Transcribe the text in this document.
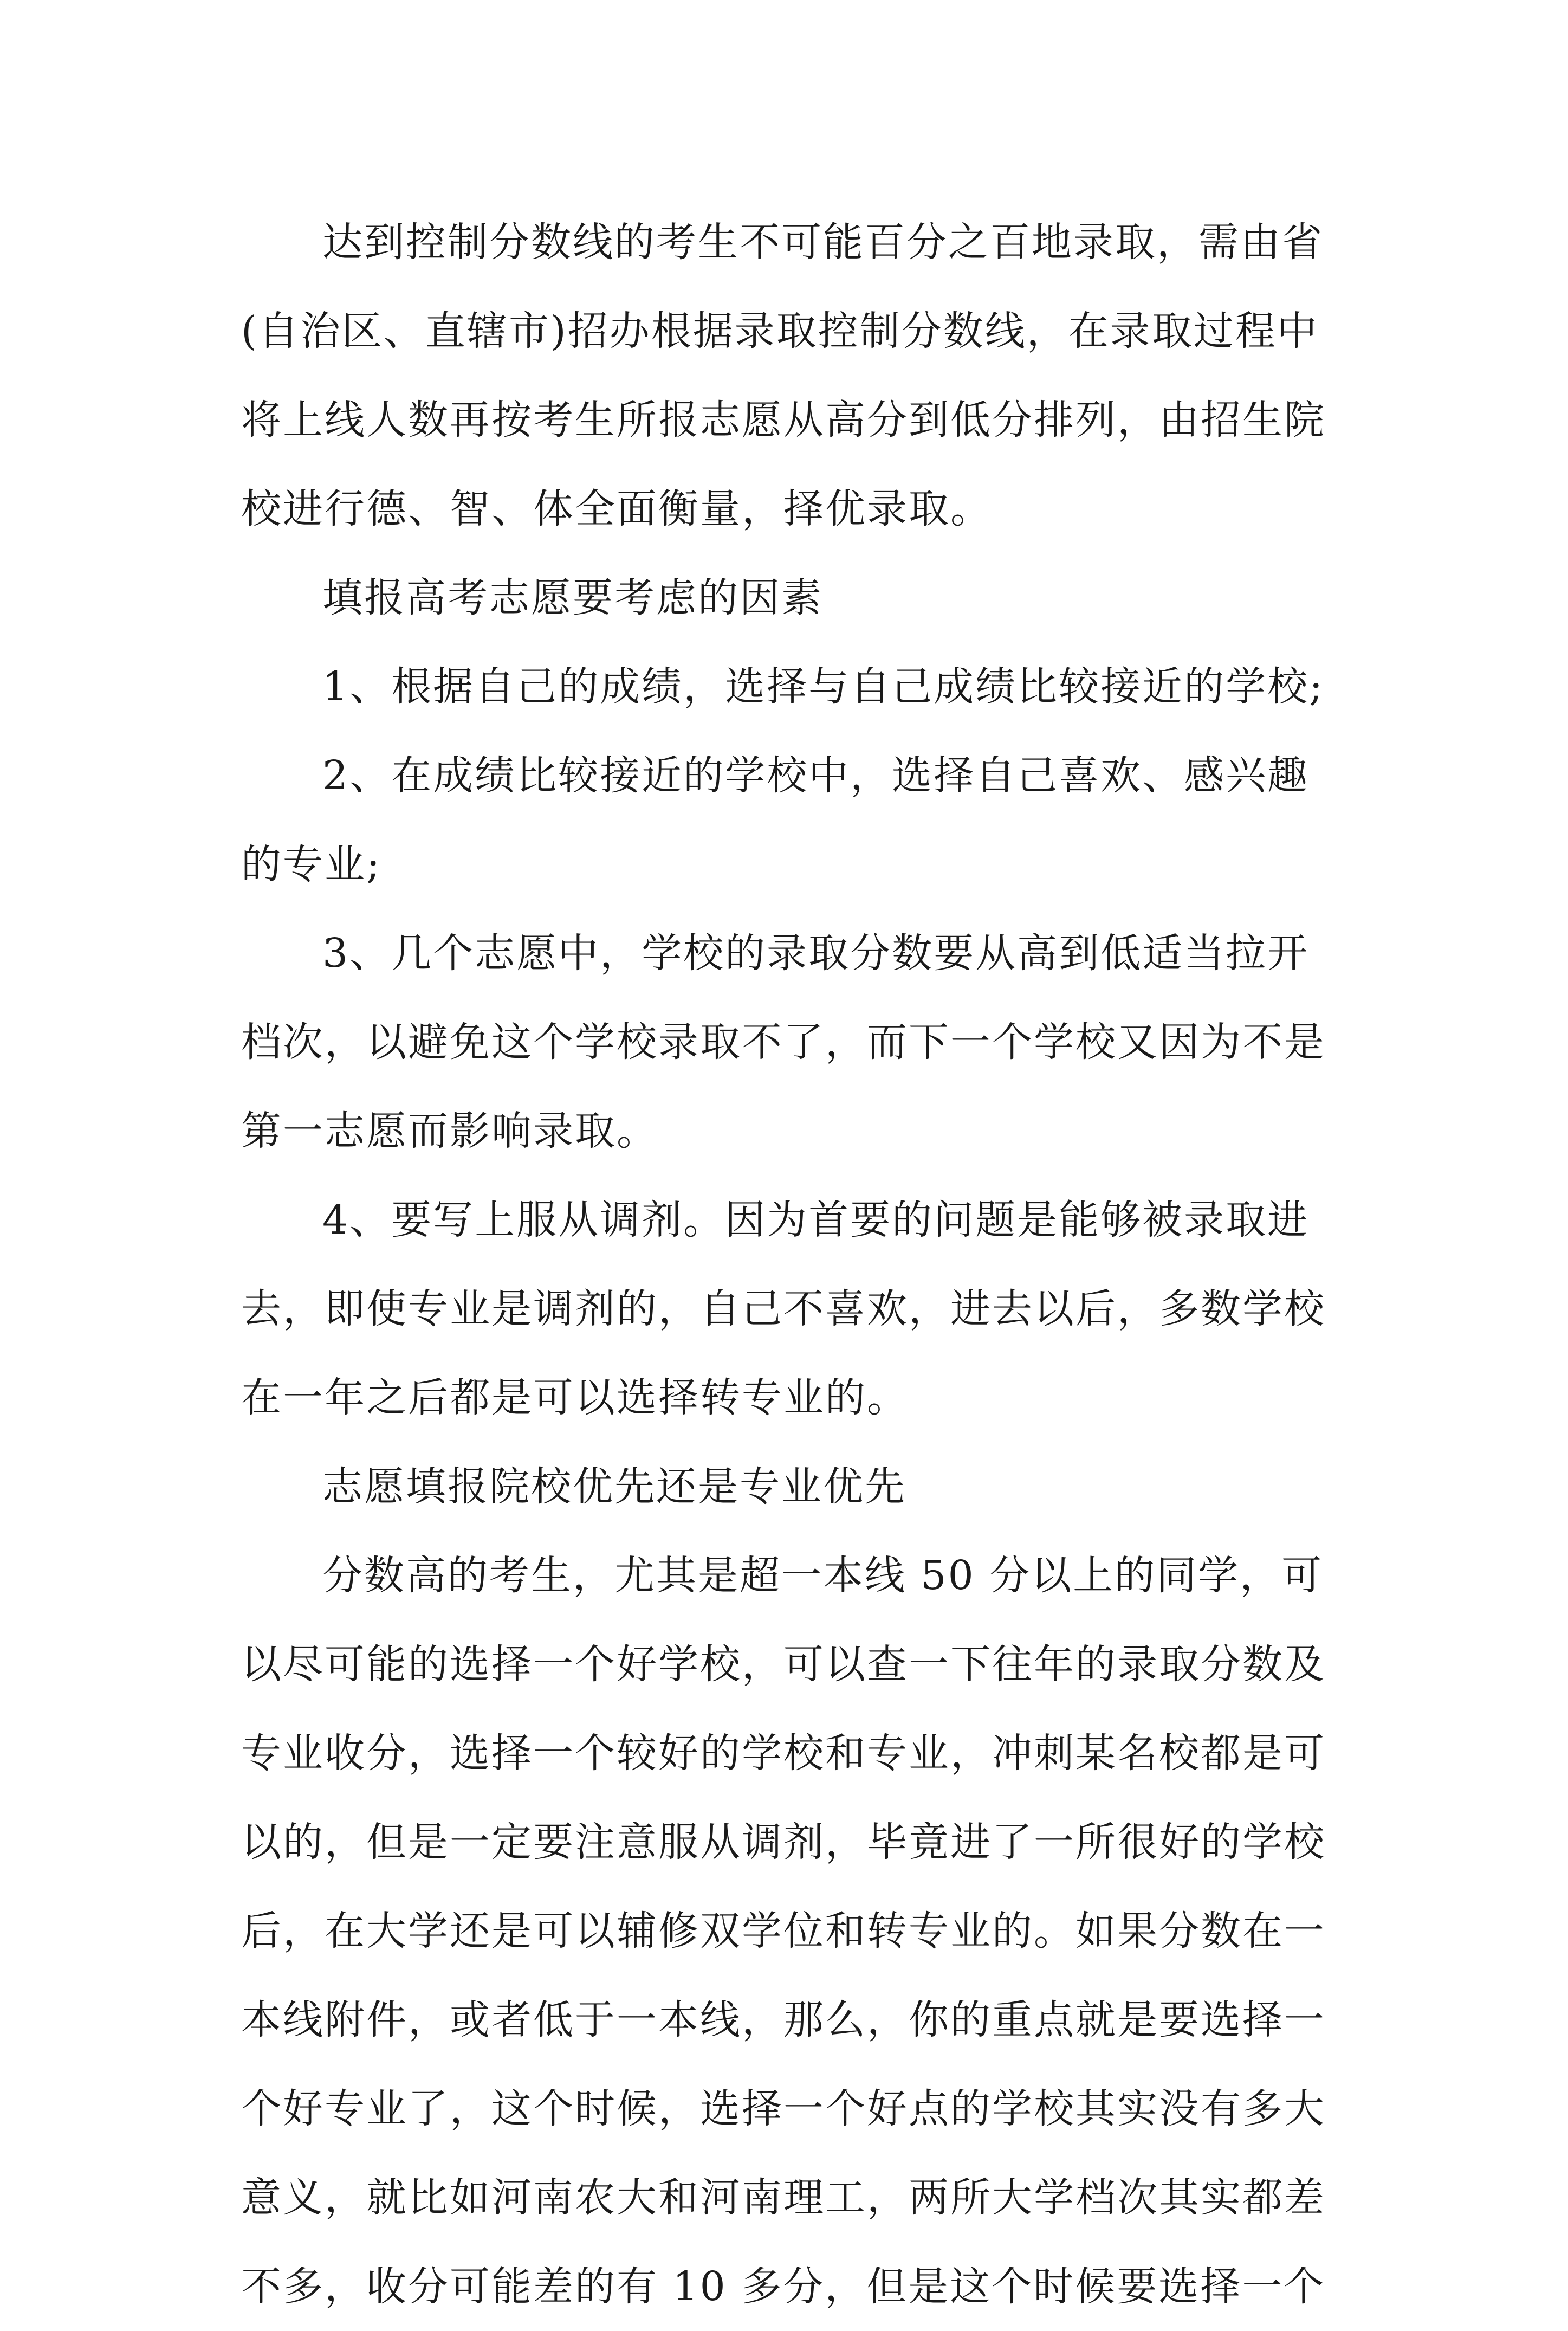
达到控制分数线的考生不可能百分之百地录取，需由省
(自治区、直辖市)招办根据录取控制分数线，在录取过程中
将上线人数再按考生所报志愿从高分到低分排列，由招生院
校进行德、智、体全面衡量，择优录取。
填报高考志愿要考虑的因素
1、根据自己的成绩，选择与自己成绩比较接近的学校;
2、在成绩比较接近的学校中，选择自己喜欢、感兴趣
的专业;
3、几个志愿中，学校的录取分数要从高到低适当拉开
档次，以避免这个学校录取不了，而下一个学校又因为不是
第一志愿而影响录取。
4、要写上服从调剂。因为首要的问题是能够被录取进
去，即使专业是调剂的，自己不喜欢，进去以后，多数学校
在一年之后都是可以选择转专业的。
志愿填报院校优先还是专业优先
分数高的考生，尤其是超一本线 50 分以上的同学，可
以尽可能的选择一个好学校，可以查一下往年的录取分数及
专业收分，选择一个较好的学校和专业，冲刺某名校都是可
以的，但是一定要注意服从调剂，毕竟进了一所很好的学校
后，在大学还是可以辅修双学位和转专业的。如果分数在一
本线附件，或者低于一本线，那么，你的重点就是要选择一
个好专业了，这个时候，选择一个好点的学校其实没有多大
意义，就比如河南农大和河南理工，两所大学档次其实都差
不多，收分可能差的有 10 多分，但是这个时候要选择一个
